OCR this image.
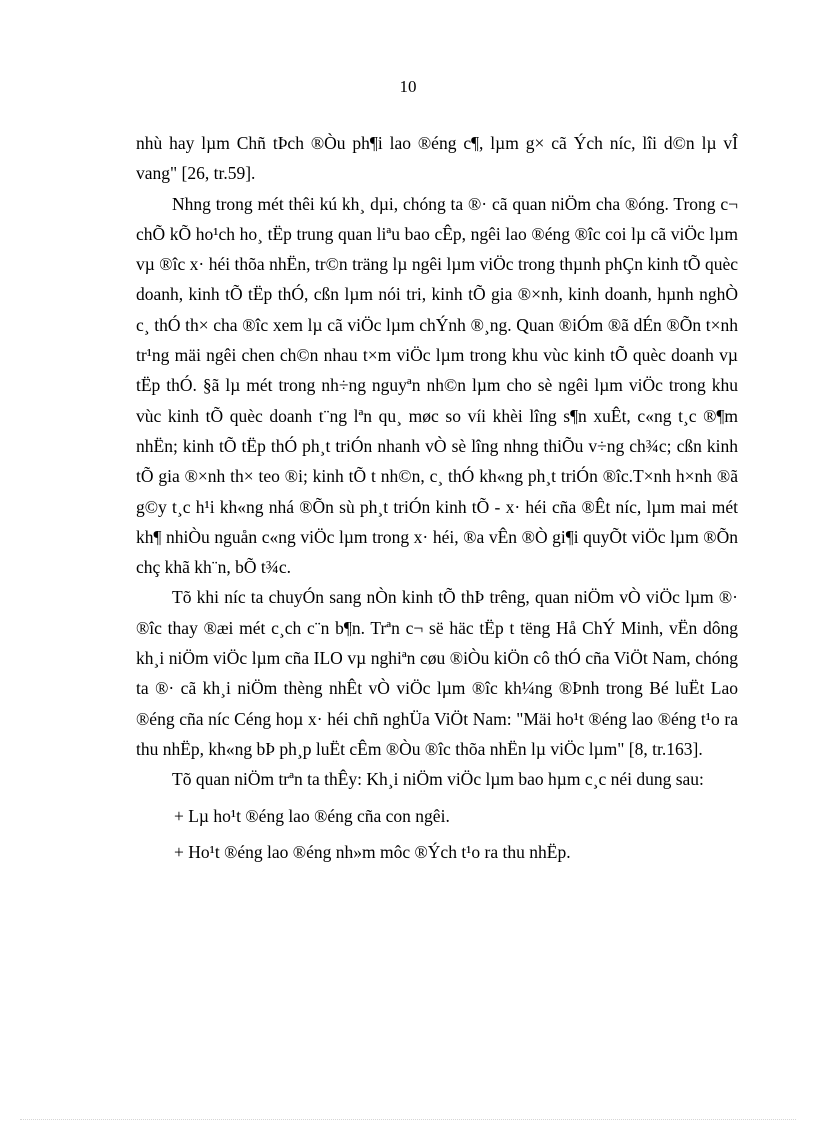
10

nhù hay lµm Chñ tÞch ®Òu ph¶i lao ®éng c¶, lµm g× cã Ých níc, lîi d©n lµ vÎ vang" [26, tr.59].

Nhng trong mét thêi kú kh¸ dµi, chóng ta ®· cã quan niÖm cha ®óng. Trong c¬ chÕ kÕ ho¹ch ho¸ tËp trung quan liªu bao cÊp, ngêi lao ®éng ®îc coi lµ cã viÖc lµm vµ ®îc x· héi thõa nhËn, tr©n träng lµ ngêi lµm viÖc trong thµnh phÇn kinh tÕ quèc doanh, kinh tÕ tËp thÓ, cßn lµm nói tri, kinh tÕ gia ®×nh, kinh doanh, hµnh nghÒ c¸ thÓ th× cha ®îc xem lµ cã viÖc lµm chÝnh ®¸ng. Quan ®iÓm ®ã dÉn ®Õn t×nh tr¹ng mäi ngêi chen ch©n nhau t×m viÖc lµm trong khu vùc kinh tÕ quèc doanh vµ tËp thÓ. §ã lµ mét trong nh÷ng nguyªn nh©n lµm cho sè ngêi lµm viÖc trong khu vùc kinh tÕ quèc doanh t¨ng lªn qu¸ møc so víi khèi lîng s¶n xuÊt, c«ng t¸c ®¶m nhËn; kinh tÕ tËp thÓ ph¸t triÓn nhanh vÒ sè lîng nhng thiÕu v÷ng ch¾c; cßn kinh tÕ gia ®×nh th× teo ®i; kinh tÕ t nh©n, c¸ thÓ kh«ng ph¸t triÓn ®îc.T×nh h×nh ®ã g©y t¸c h¹i kh«ng nhá ®Õn sù ph¸t triÓn kinh tÕ - x· héi cña ®Êt níc, lµm mai mét kh¶ nhiÒu nguån c«ng viÖc lµm trong x· héi, ®a vÊn ®Ò gi¶i quyÕt viÖc lµm ®Õn chç khã kh¨n, bÕ t¾c.

Tõ khi níc ta chuyÓn sang nÒn kinh tÕ thÞ trêng, quan niÖm vÒ viÖc lµm ®· ®îc thay ®æi mét c¸ch c¨n b¶n. Trªn c¬ së häc tËp t tëng Hå ChÝ Minh, vËn dông kh¸i niÖm viÖc lµm cña ILO vµ nghiªn cøu ®iÒu kiÖn cô thÓ cña ViÖt Nam, chóng ta ®· cã kh¸i niÖm thèng nhÊt vÒ viÖc lµm ®îc kh¼ng ®Þnh trong Bé luËt Lao ®éng cña níc Céng hoµ x· héi chñ nghÜa ViÖt Nam: "Mäi ho¹t ®éng lao ®éng t¹o ra thu nhËp, kh«ng bÞ ph¸p luËt cÊm ®Òu ®îc thõa nhËn lµ viÖc lµm" [8, tr.163].

Tõ quan niÖm trªn ta thÊy: Kh¸i niÖm viÖc lµm bao hµm c¸c néi dung sau:

+ Lµ ho¹t ®éng lao ®éng cña con ngêi.

+ Ho¹t ®éng lao ®éng nh»m môc ®Ých t¹o ra thu nhËp.
